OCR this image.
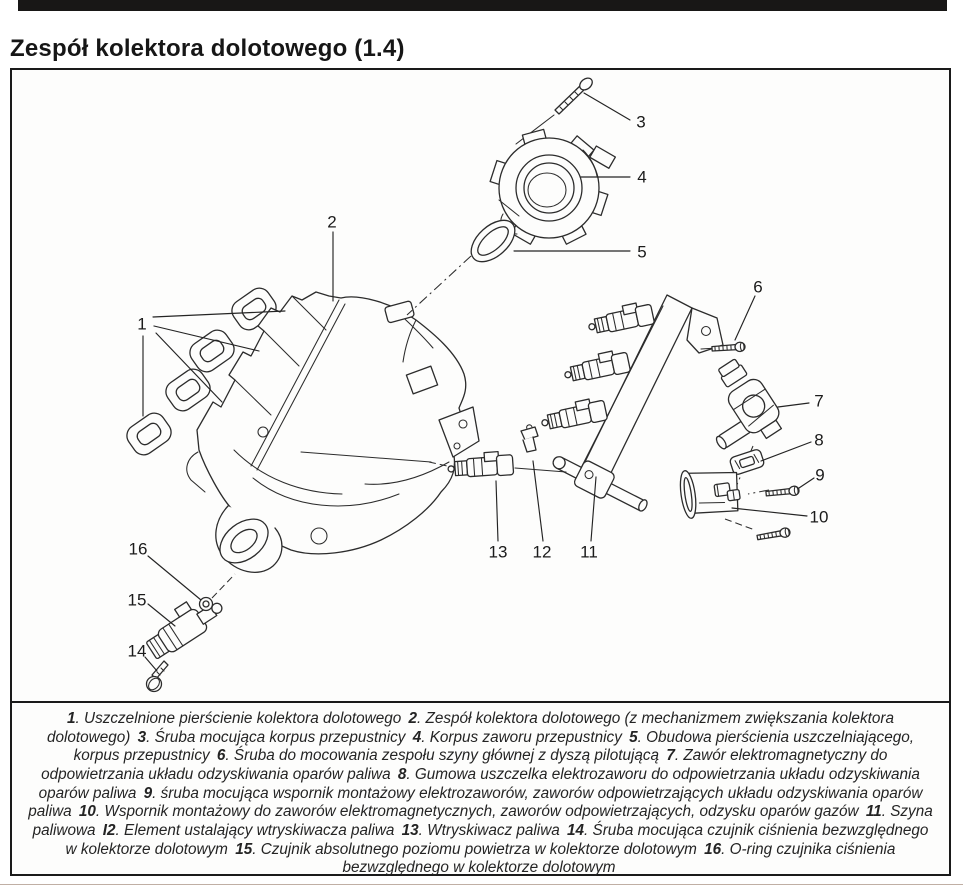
Zespół kolektora dolotowego (1.4)
1
2
3
4
5
6
7
8
9
10
11
12
13
14
15
16
1. Uszczelnione pierścienie kolektora dolotowego 2. Zespół kolektora dolotowego (z mechanizmem zwiększania kolektora dolotowego) 3. Śruba mocująca korpus przepustnicy 4. Korpus zaworu przepustnicy 5. Obudowa pierścienia uszczelniającego, korpus przepustnicy 6. Śruba do mocowania zespołu szyny głównej z dyszą pilotującą 7. Zawór elektromagnetyczny do odpowietrzania układu odzyskiwania oparów paliwa 8. Gumowa uszczelka elektrozaworu do odpowietrzania układu odzyskiwania oparów paliwa 9. śruba mocująca wspornik montażowy elektrozaworów, zaworów odpowietrzających układu odzyskiwania oparów paliwa 10. Wspornik montażowy do zaworów elektromagnetycznych, zaworów odpowietrzających, odzysku oparów gazów 11. Szyna paliwowa I2. Element ustalający wtryskiwacza paliwa 13. Wtryskiwacz paliwa 14. Śruba mocująca czujnik ciśnienia bezwzględnego w kolektorze dolotowym 15. Czujnik absolutnego poziomu powietrza w kolektorze dolotowym 16. O-ring czujnika ciśnienia bezwzględnego w kolektorze dolotowym
